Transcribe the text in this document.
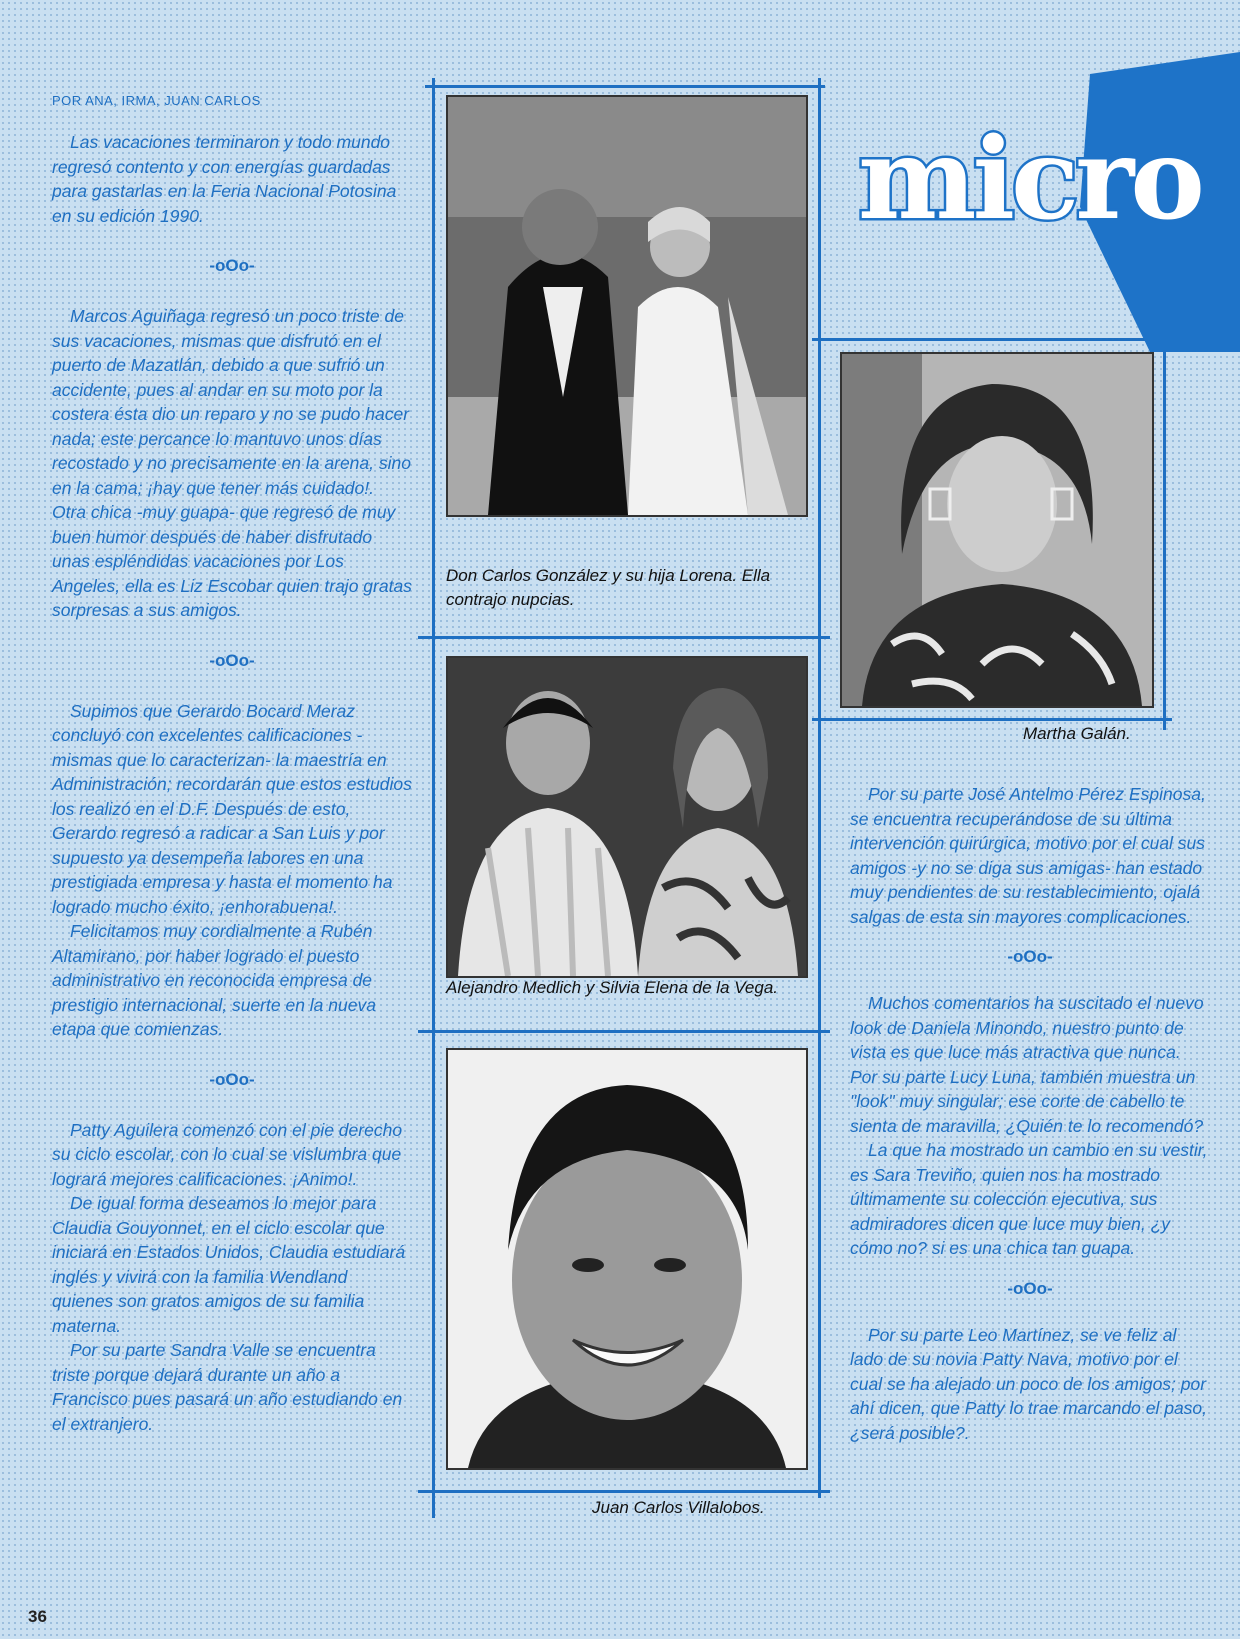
POR ANA, IRMA, JUAN CARLOS

Las vacaciones terminaron y todo mundo regresó contento y con energías guardadas para gastarlas en la Feria Nacional Potosina en su edición 1990.

-oOo-

Marcos Aguiñaga regresó un poco triste de sus vacaciones, mismas que disfrutó en el puerto de Mazatlán, debido a que sufrió un accidente, pues al andar en su moto por la costera ésta dio un reparo y no se pudo hacer nada; este percance lo mantuvo unos días recostado y no precisamente en la arena, sino en la cama; ¡hay que tener más cuidado!. Otra chica -muy guapa- que regresó de muy buen humor después de haber disfrutado unas espléndidas vacaciones por Los Angeles, ella es Liz Escobar quien trajo gratas sorpresas a sus amigos.

-oOo-

Supimos que Gerardo Bocard Meraz concluyó con excelentes calificaciones -mismas que lo caracterizan- la maestría en Administración; recordarán que estos estudios los realizó en el D.F. Después de esto, Gerardo regresó a radicar a San Luis y por supuesto ya desempeña labores en una prestigiada empresa y hasta el momento ha logrado mucho éxito, ¡enhorabuena!.

Felicitamos muy cordialmente a Rubén Altamirano, por haber logrado el puesto administrativo en reconocida empresa de prestigio internacional, suerte en la nueva etapa que comienzas.

-oOo-

Patty Aguilera comenzó con el pie derecho su ciclo escolar, con lo cual se vislumbra que logrará mejores calificaciones. ¡Animo!.

De igual forma deseamos lo mejor para Claudia Gouyonnet, en el ciclo escolar que iniciará en Estados Unidos, Claudia estudiará inglés y vivirá con la familia Wendland quienes son gratos amigos de su familia materna.

Por su parte Sandra Valle se encuentra triste porque dejará durante un año a Francisco pues pasará un año estudiando en el extranjero.

Don Carlos González y su hija Lorena. Ella contrajo nupcias.
Alejandro Medlich y Silvia Elena de la Vega.
Juan Carlos Villalobos.
Martha Galán.
micro

Por su parte José Antelmo Pérez Espinosa, se encuentra recuperándose de su última intervención quirúrgica, motivo por el cual sus amigos -y no se diga sus amigas- han estado muy pendientes de su restablecimiento, ojalá salgas de esta sin mayores complicaciones.

-oOo-

Muchos comentarios ha suscitado el nuevo look de Daniela Minondo, nuestro punto de vista es que luce más atractiva que nunca. Por su parte Lucy Luna, también muestra un "look" muy singular; ese corte de cabello te sienta de maravilla, ¿Quién te lo recomendó?

La que ha mostrado un cambio en su vestir, es Sara Treviño, quien nos ha mostrado últimamente su colección ejecutiva, sus admiradores dicen que luce muy bien, ¿y cómo no? si es una chica tan guapa.

-oOo-

Por su parte Leo Martínez, se ve feliz al lado de su novia Patty Nava, motivo por el cual se ha alejado un poco de los amigos; por ahí dicen, que Patty lo trae marcando el paso, ¿será posible?.

36
